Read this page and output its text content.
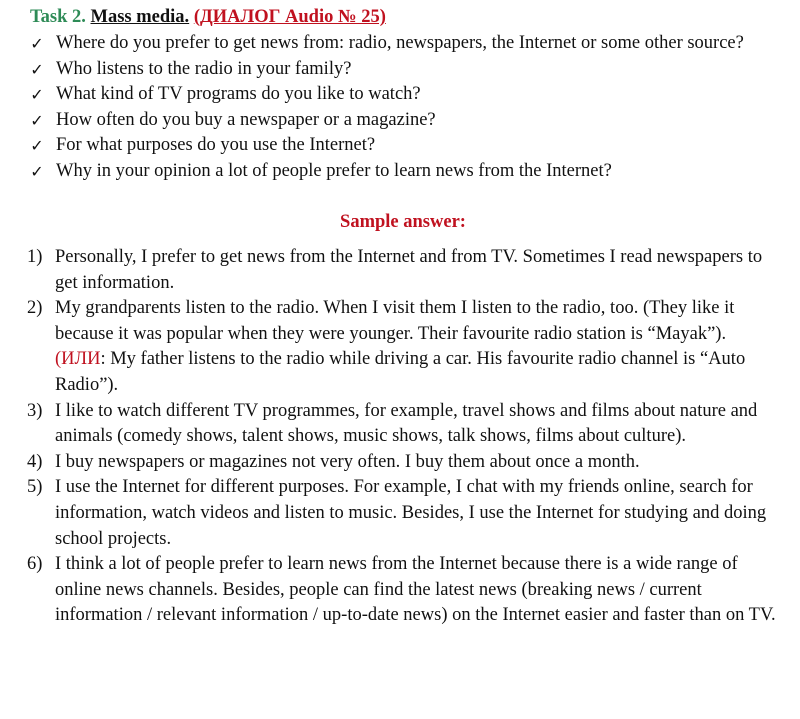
Task 2. Mass media. (ДИАЛОГ Audio № 25)
✓ Where do you prefer to get news from: radio, newspapers, the Internet or some other source?
✓ Who listens to the radio in your family?
✓ What kind of TV programs do you like to watch?
✓ How often do you buy a newspaper or a magazine?
✓ For what purposes do you use the Internet?
✓ Why in your opinion a lot of people prefer to learn news from the Internet?
Sample answer:
1) Personally, I prefer to get news from the Internet and from TV. Sometimes I read newspapers to get information.
2) My grandparents listen to the radio. When I visit them I listen to the radio, too. (They like it because it was popular when they were younger. Their favourite radio station is “Mayak”).
(ИЛИ: My father listens to the radio while driving a car. His favourite radio channel is “Auto Radio”).
3) I like to watch different TV programmes, for example, travel shows and films about nature and animals (comedy shows, talent shows, music shows, talk shows, films about culture).
4) I buy newspapers or magazines not very often. I buy them about once a month.
5) I use the Internet for different purposes. For example, I chat with my friends online, search for information, watch videos and listen to music. Besides, I use the Internet for studying and doing school projects.
6) I think a lot of people prefer to learn news from the Internet because there is a wide range of online news channels. Besides, people can find the latest news (breaking news / current information / relevant information / up-to-date news) on the Internet easier and faster than on TV.
